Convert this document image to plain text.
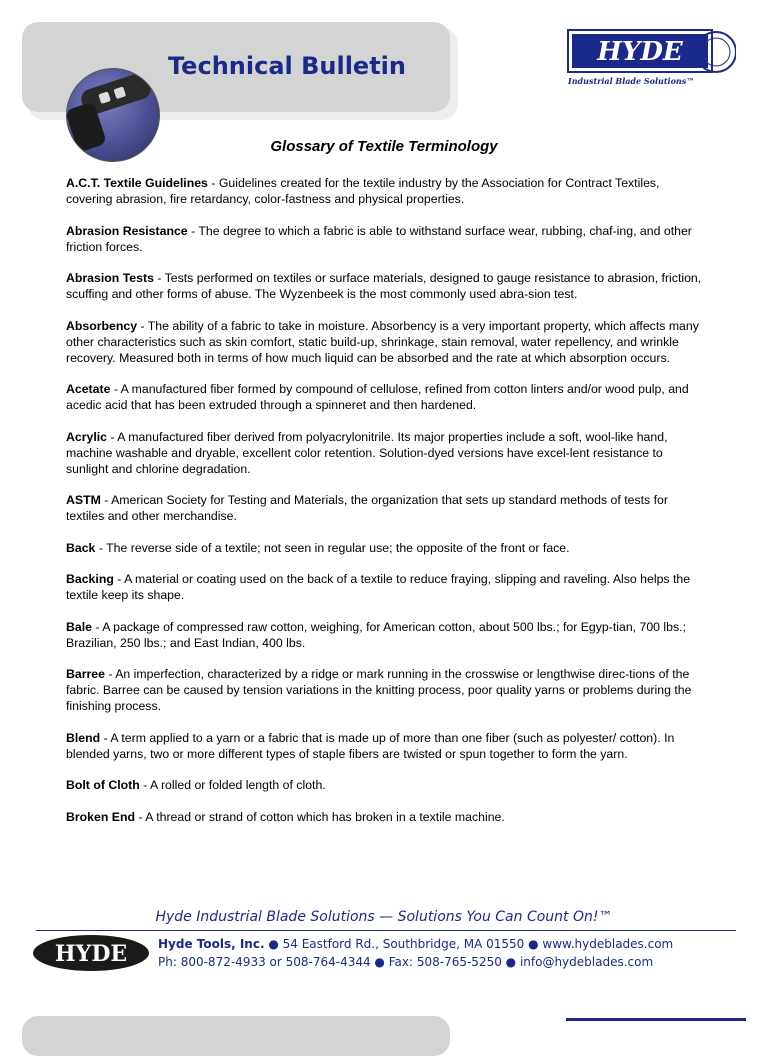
Technical Bulletin	HYDE
Industrial Blade Solutions™
Glossary of Textile Terminology

A.C.T. Textile Guidelines - Guidelines created for the textile industry by the Association for Contract Textiles, covering abrasion, fire retardancy, color-fastness and physical properties.

Abrasion Resistance - The degree to which a fabric is able to withstand surface wear, rubbing, chaf-ing, and other friction forces.

Abrasion Tests - Tests performed on textiles or surface materials, designed to gauge resistance to abrasion, friction, scuffing and other forms of abuse. The Wyzenbeek is the most commonly used abra-sion test.

Absorbency - The ability of a fabric to take in moisture. Absorbency is a very important property, which affects many other characteristics such as skin comfort, static build-up, shrinkage, stain removal, water repellency, and wrinkle recovery. Measured both in terms of how much liquid can be absorbed and the rate at which absorption occurs.

Acetate - A manufactured fiber formed by compound of cellulose, refined from cotton linters and/or wood pulp, and acedic acid that has been extruded through a spinneret and then hardened.

Acrylic - A manufactured fiber derived from polyacrylonitrile. Its major properties include a soft, wool-like hand, machine washable and dryable, excellent color retention. Solution-dyed versions have excel-lent resistance to sunlight and chlorine degradation.

ASTM - American Society for Testing and Materials, the organization that sets up standard methods of tests for textiles and other merchandise.

Back - The reverse side of a textile; not seen in regular use; the opposite of the front or face.

Backing - A material or coating used on the back of a textile to reduce fraying, slipping and raveling. Also helps the textile keep its shape.

Bale - A package of compressed raw cotton, weighing, for American cotton, about 500 lbs.; for Egyp-tian, 700 lbs.; Brazilian, 250 lbs.; and East Indian, 400 lbs.

Barree - An imperfection, characterized by a ridge or mark running in the crosswise or lengthwise direc-tions of the fabric. Barree can be caused by tension variations in the knitting process, poor quality yarns or problems during the finishing process.

Blend - A term applied to a yarn or a fabric that is made up of more than one fiber (such as polyester/ cotton). In blended yarns, two or more different types of staple fibers are twisted or spun together to form the yarn.

Bolt of Cloth - A rolled or folded length of cloth.

Broken End - A thread or strand of cotton which has broken in a textile machine.

Hyde Industrial Blade Solutions — Solutions You Can Count On!™
HYDE	Hyde Tools, Inc. ● 54 Eastford Rd., Southbridge, MA 01550 ● www.hydeblades.com
Ph: 800-872-4933 or 508-764-4344 ● Fax: 508-765-5250 ● info@hydeblades.com
